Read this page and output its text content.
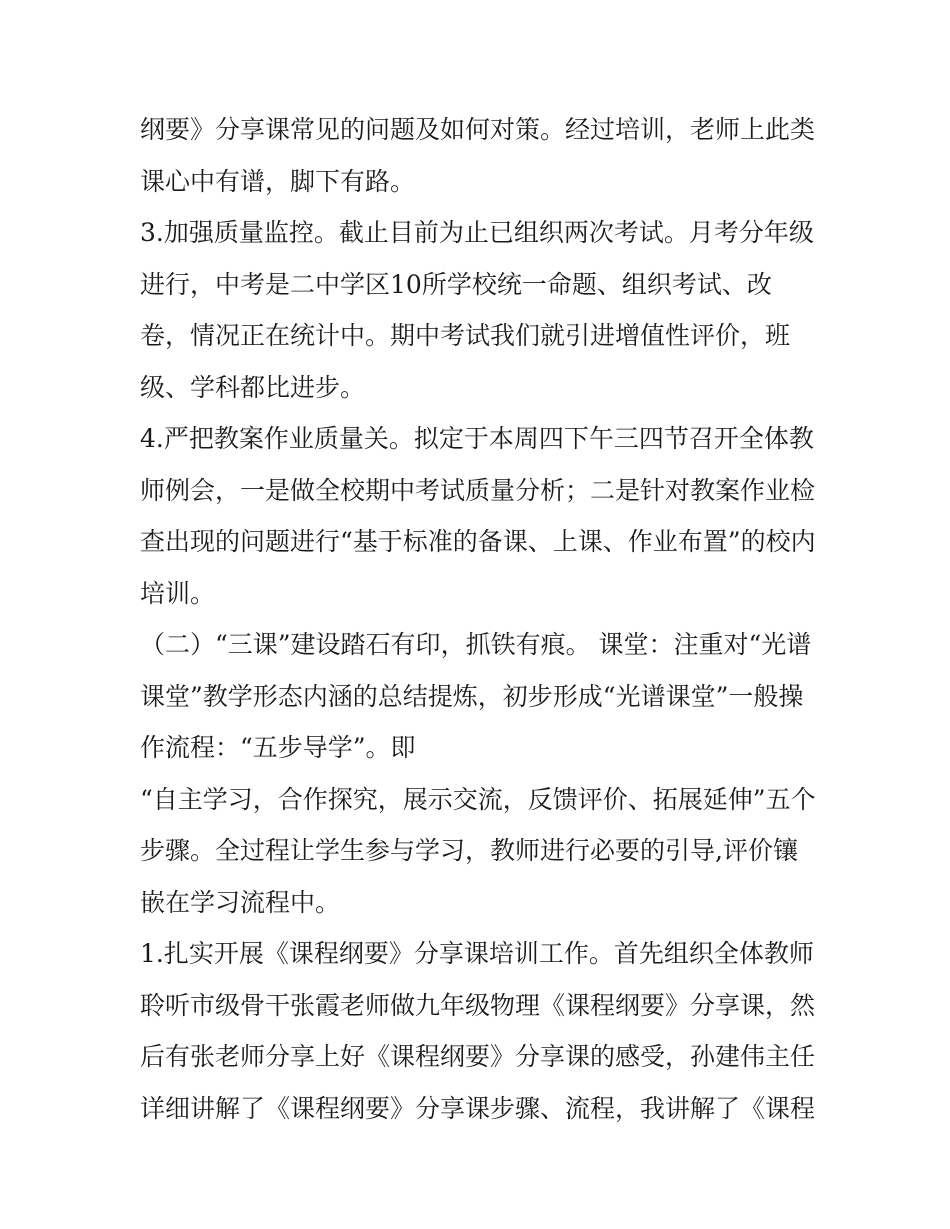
纲要》分享课常见的问题及如何对策。经过培训，老师上此类
课心中有谱，脚下有路。
3.加强质量监控。截止目前为止已组织两次考试。月考分年级
进行，中考是二中学区10所学校统一命题、组织考试、改
卷，情况正在统计中。期中考试我们就引进增值性评价，班
级、学科都比进步。
4.严把教案作业质量关。拟定于本周四下午三四节召开全体教
师例会，一是做全校期中考试质量分析；二是针对教案作业检
查出现的问题进行“基于标准的备课、上课、作业布置”的校内
培训。
（二）“三课”建设踏石有印，抓铁有痕。 课堂：注重对“光谱
课堂”教学形态内涵的总结提炼，初步形成“光谱课堂”一般操
作流程：“五步导学”。即
“自主学习，合作探究，展示交流，反馈评价、拓展延伸”五个
步骤。全过程让学生参与学习，教师进行必要的引导,评价镶
嵌在学习流程中。
1.扎实开展《课程纲要》分享课培训工作。首先组织全体教师
聆听市级骨干张霞老师做九年级物理《课程纲要》分享课，然
后有张老师分享上好《课程纲要》分享课的感受，孙建伟主任
详细讲解了《课程纲要》分享课步骤、流程，我讲解了《课程
